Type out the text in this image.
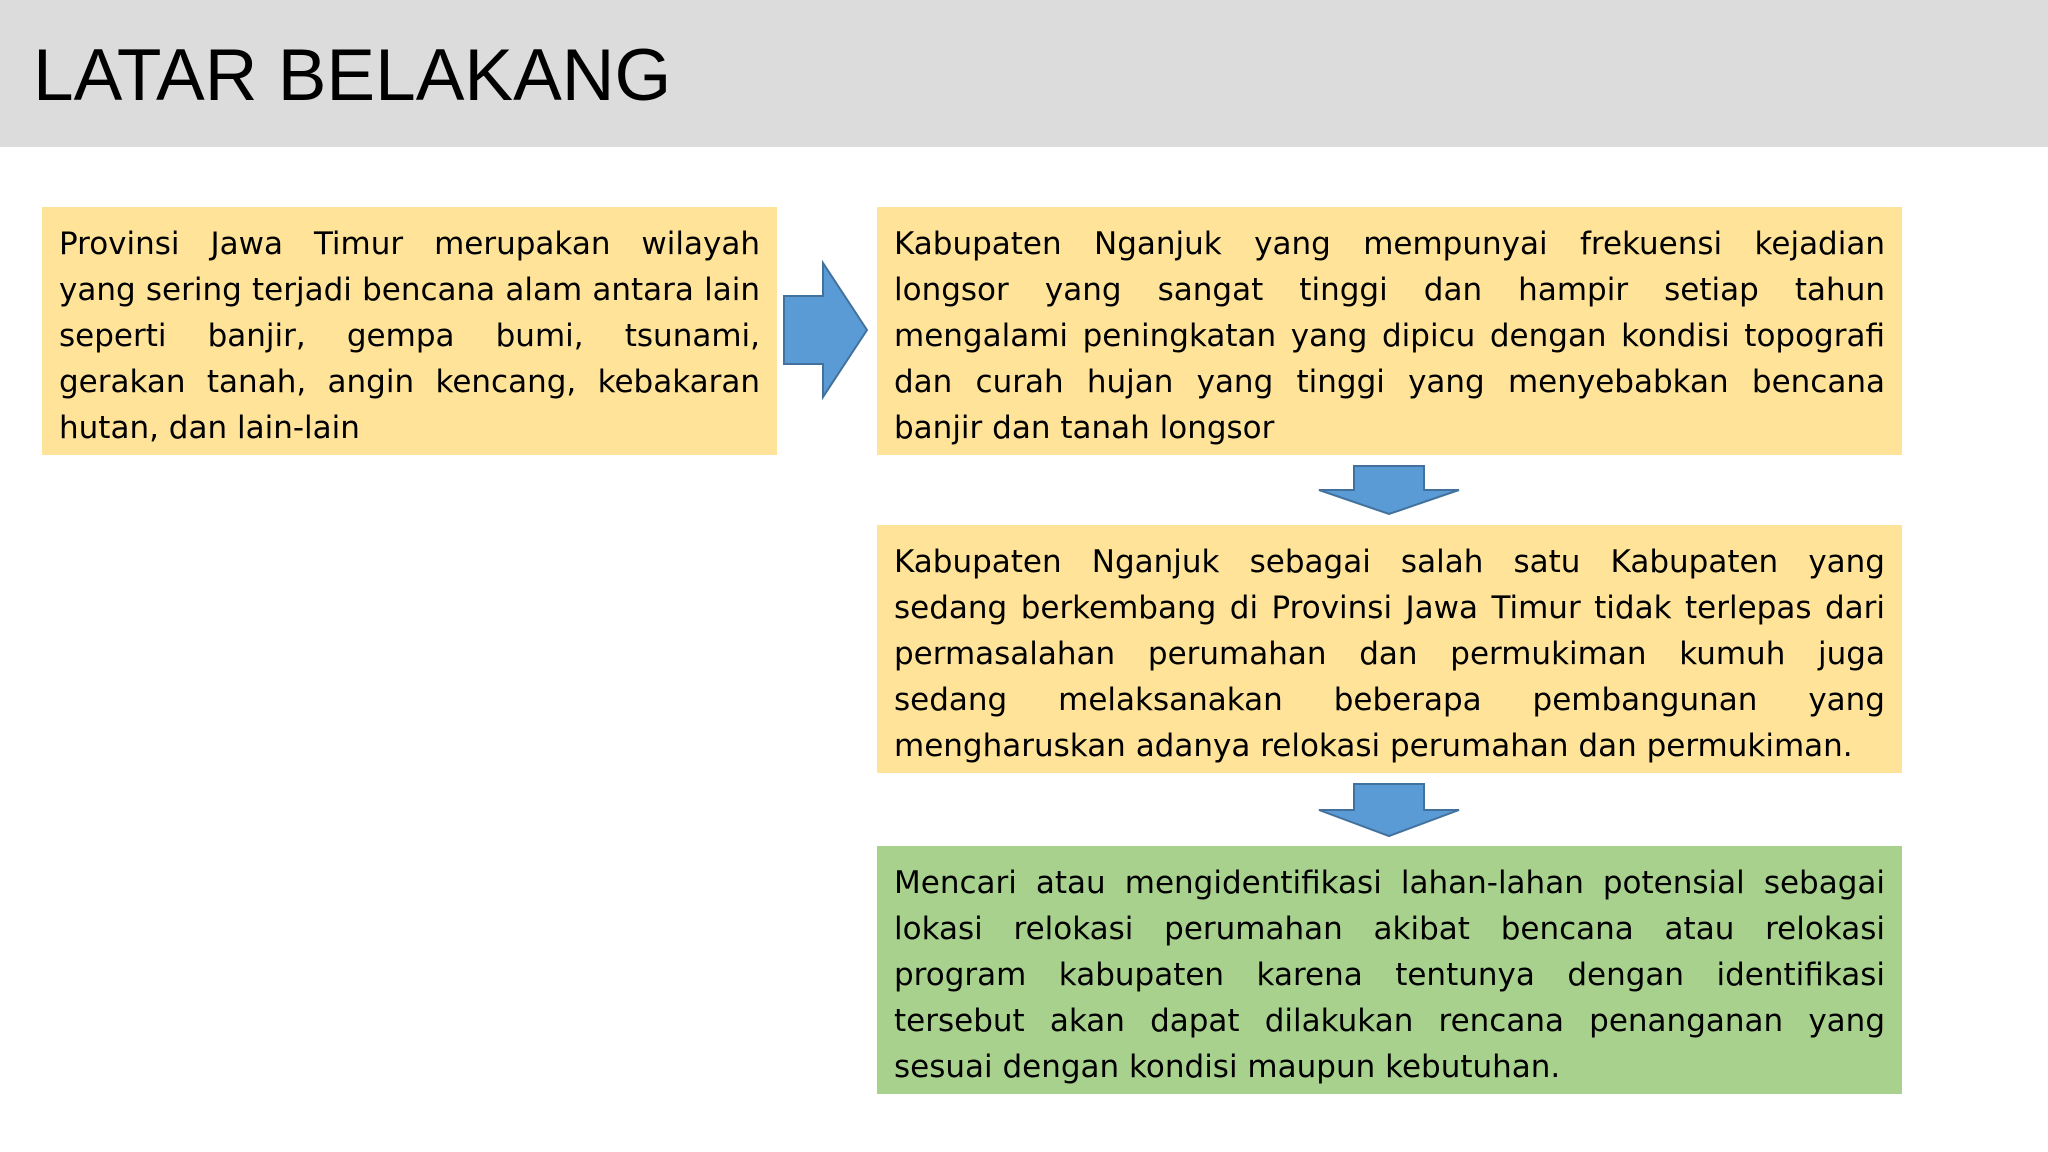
LATAR BELAKANG
Provinsi Jawa Timur merupakan wilayah yang sering terjadi bencana alam antara lain seperti banjir, gempa bumi, tsunami, gerakan tanah, angin kencang, kebakaran hutan, dan lain-lain
Kabupaten Nganjuk yang mempunyai frekuensi kejadian longsor yang sangat tinggi dan hampir setiap tahun mengalami peningkatan yang dipicu dengan kondisi topografi dan curah hujan yang tinggi yang menyebabkan bencana banjir dan tanah longsor
Kabupaten Nganjuk sebagai salah satu Kabupaten yang sedang berkembang di Provinsi Jawa Timur tidak terlepas dari permasalahan perumahan dan permukiman kumuh juga sedang melaksanakan beberapa pembangunan yang mengharuskan adanya relokasi perumahan dan permukiman.
Mencari atau mengidentifikasi lahan-lahan potensial sebagai lokasi relokasi perumahan akibat bencana atau relokasi program kabupaten karena tentunya dengan identifikasi tersebut akan dapat dilakukan rencana penanganan yang sesuai dengan kondisi maupun kebutuhan.
